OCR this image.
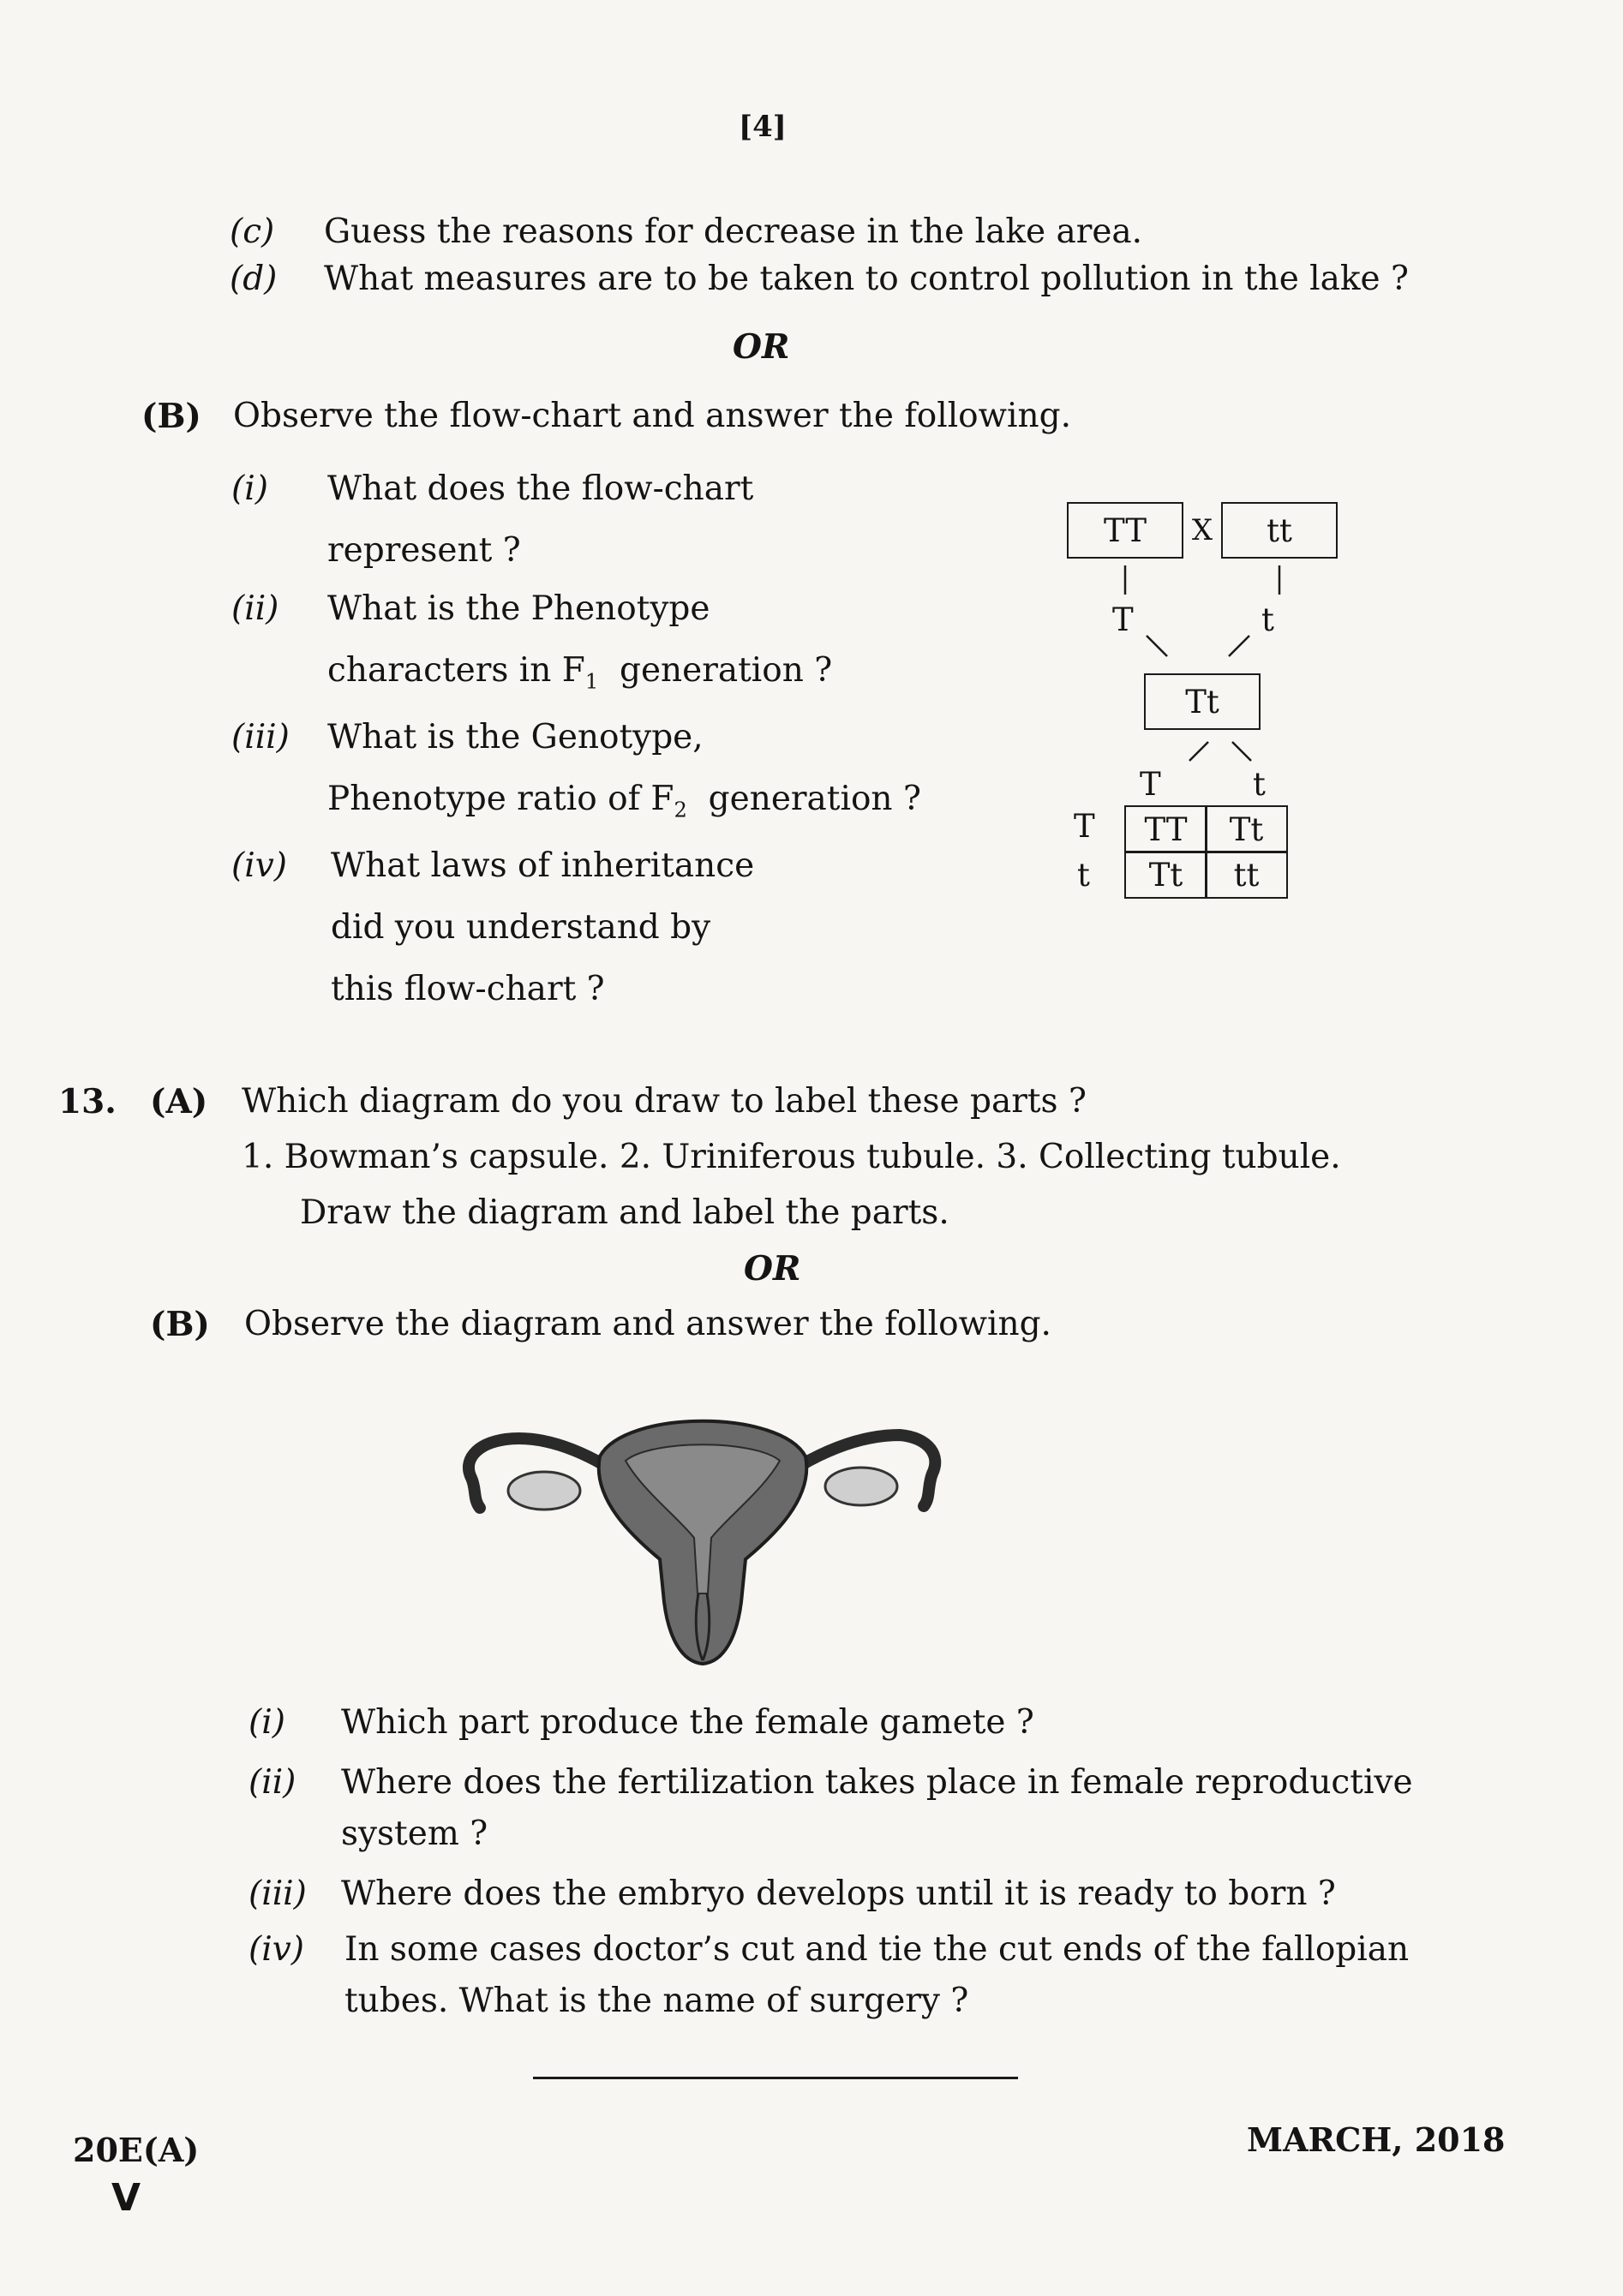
[4]
(c) Guess the reasons for decrease in the lake area.
(d) What measures are to be taken to control pollution in the lake ?
OR
(B) Observe the flow-chart and answer the following.
(i) What does the flow-chart
represent ?
(ii) What is the Phenotype
characters in $F_1$ generation ?
(iii) What is the Genotype,
Phenotype ratio of $F_2$ generation ?
(iv) What laws of inheritance
did you understand by
this flow-chart ?
TT	X	tt
T	t
Tt
T	t
T
t
TT	Tt
Tt	tt
13. (A) Which diagram do you draw to label these parts ?
1. Bowman’s capsule. 2. Uriniferous tubule. 3. Collecting tubule.
Draw the diagram and label the parts.
OR
(B) Observe the diagram and answer the following.
(i) Which part produce the female gamete ?
(ii) Where does the fertilization takes place in female reproductive
system ?
(iii) Where does the embryo develops until it is ready to born ?
(iv) In some cases doctor’s cut and tie the cut ends of the fallopian
tubes. What is the name of surgery ?
20E(A)
V
MARCH, 2018
